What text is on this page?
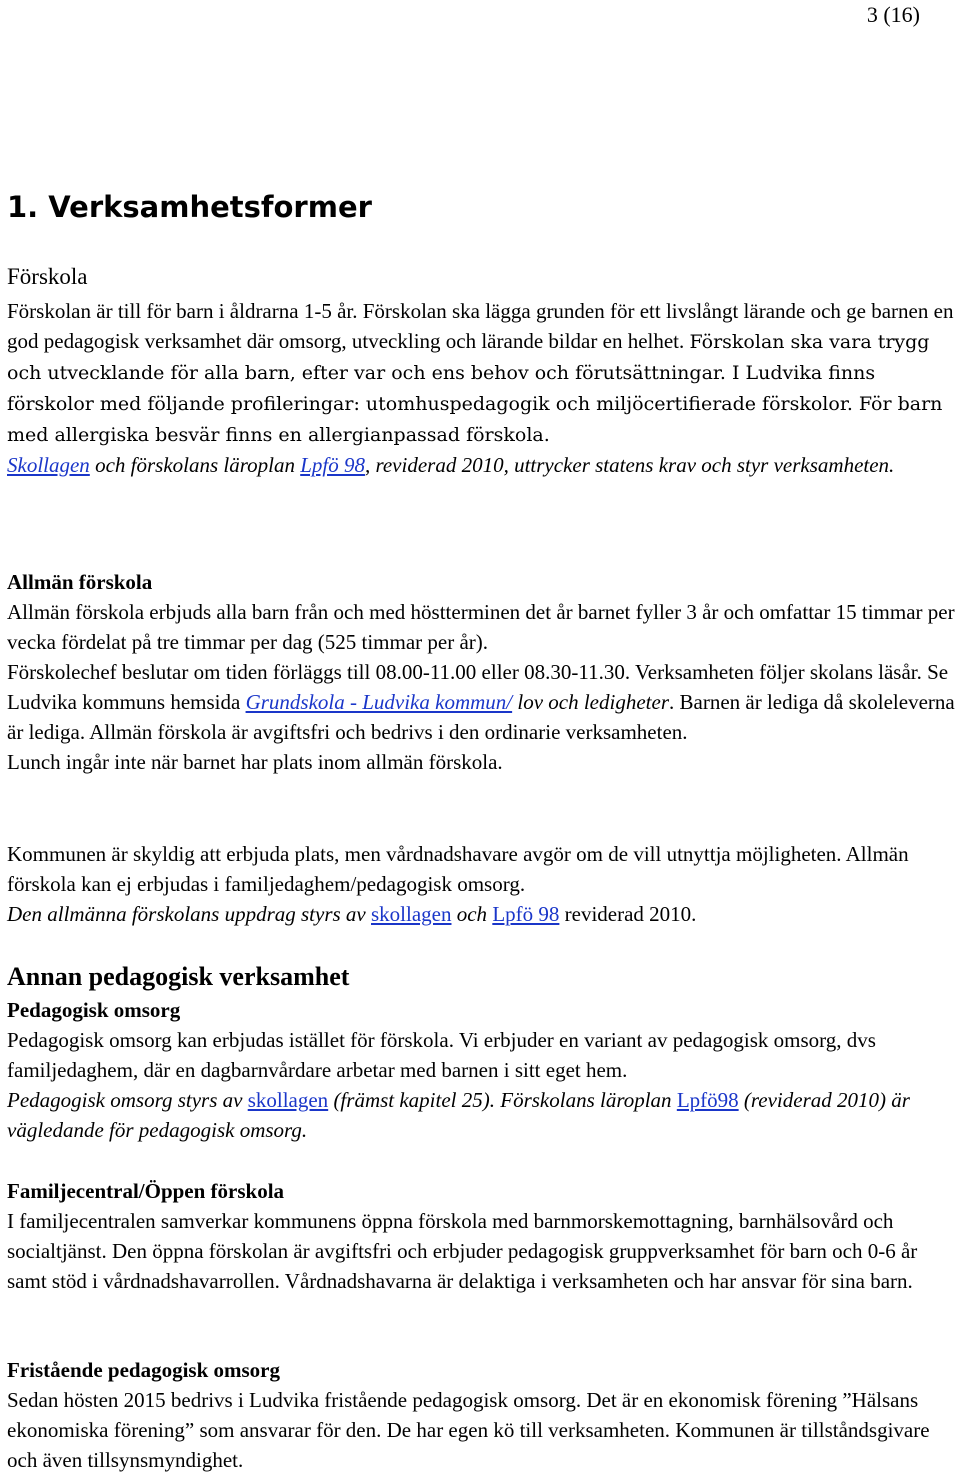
3 (16)
1. Verksamhetsformer
Förskola

Förskolan är till för barn i åldrarna 1-5 år. Förskolan ska lägga grunden för ett livslångt lärande och ge barnen en god pedagogisk verksamhet där omsorg, utveckling och lärande bildar en helhet. Förskolan ska vara trygg och utvecklande för alla barn, efter var och ens behov och förutsättningar. I Ludvika finns förskolor med följande profileringar: utomhuspedagogik och miljöcertifierade förskolor. För barn med allergiska besvär finns en allergianpassad förskola.
Skollagen och förskolans läroplan Lpfö 98, reviderad 2010, uttrycker statens krav och styr verksamheten.

Allmän förskola

Allmän förskola erbjuds alla barn från och med höstterminen det år barnet fyller 3 år och omfattar 15 timmar per vecka fördelat på tre timmar per dag (525 timmar per år).
Förskolechef beslutar om tiden förläggs till 08.00-11.00 eller 08.30-11.30. Verksamheten följer skolans läsår. Se Ludvika kommuns hemsida Grundskola - Ludvika kommun/ lov och ledigheter. Barnen är lediga då skoleleverna är lediga. Allmän förskola är avgiftsfri och bedrivs i den ordinarie verksamheten.
Lunch ingår inte när barnet har plats inom allmän förskola.

Kommunen är skyldig att erbjuda plats, men vårdnadshavare avgör om de vill utnyttja möjligheten. Allmän förskola kan ej erbjudas i familjedaghem/pedagogisk omsorg.
Den allmänna förskolans uppdrag styrs av skollagen och Lpfö 98 reviderad 2010.

Annan pedagogisk verksamhet
Pedagogisk omsorg

Pedagogisk omsorg kan erbjudas istället för förskola. Vi erbjuder en variant av pedagogisk omsorg, dvs familjedaghem, där en dagbarnvårdare arbetar med barnen i sitt eget hem.
Pedagogisk omsorg styrs av skollagen (främst kapitel 25). Förskolans läroplan Lpfö98 (reviderad 2010) är vägledande för pedagogisk omsorg.

Familjecentral/Öppen förskola

I familjecentralen samverkar kommunens öppna förskola med barnmorskemottagning, barnhälsovård och socialtjänst. Den öppna förskolan är avgiftsfri och erbjuder pedagogisk gruppverksamhet för barn och 0-6 år samt stöd i vårdnadshavarrollen. Vårdnadshavarna är delaktiga i verksamheten och har ansvar för sina barn.

Fristående pedagogisk omsorg

Sedan hösten 2015 bedrivs i Ludvika fristående pedagogisk omsorg. Det är en ekonomisk förening ”Hälsans ekonomiska förening” som ansvarar för den. De har egen kö till verksamheten. Kommunen är tillståndsgivare och även tillsynsmyndighet.
